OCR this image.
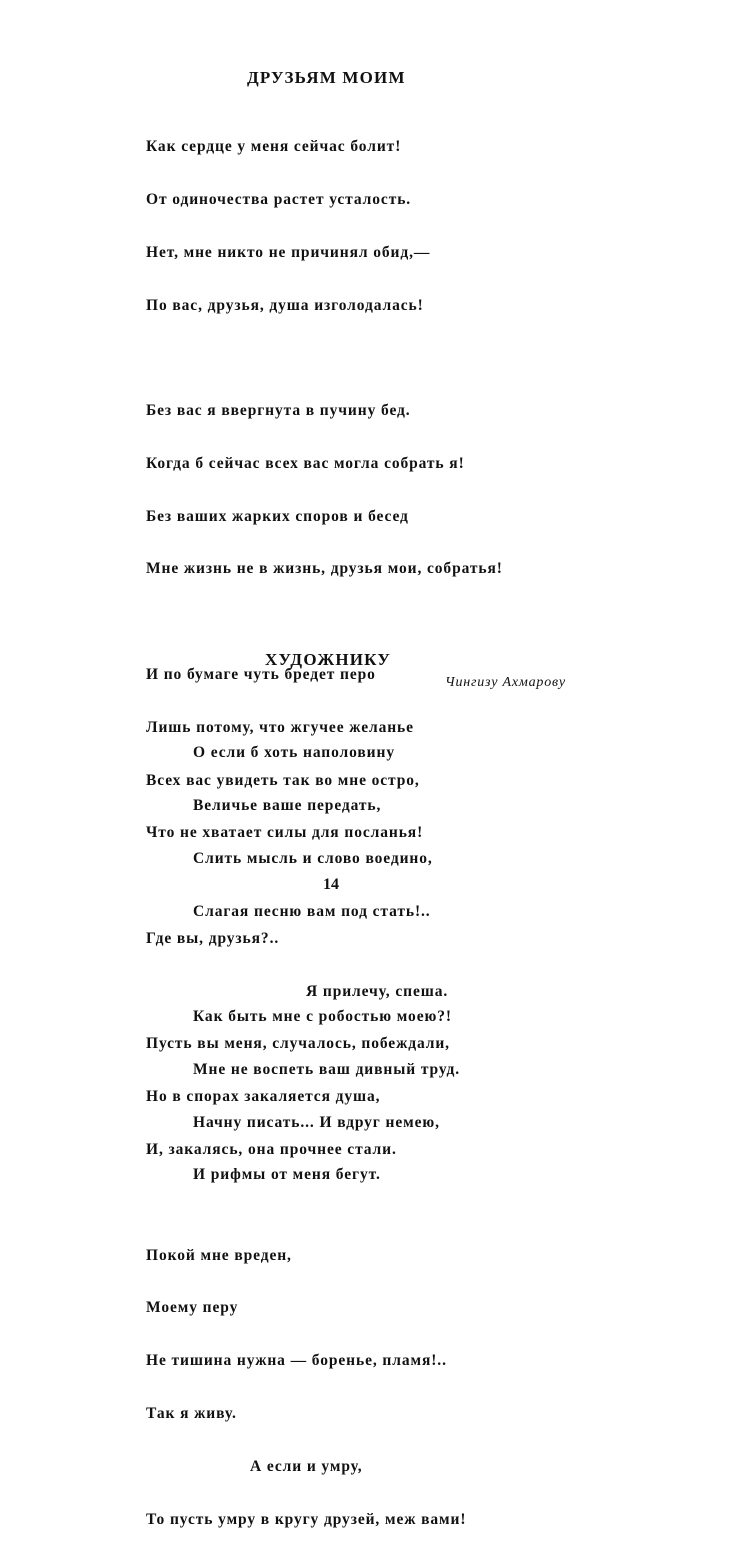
ДРУЗЬЯМ МОИМ

Как сердце у меня сейчас болит!

От одиночества растет усталость.

Нет, мне никто не причинял обид,—

По вас, друзья, душа изголодалась!

Без вас я ввергнута в пучину бед.

Когда б сейчас всех вас могла собрать я!

Без ваших жарких споров и бесед

Мне жизнь не в жизнь, друзья мои, собратья!

И по бумаге чуть бредет перо

Лишь потому, что жгучее желанье

Всех вас увидеть так во мне остро,

Что не хватает силы для посланья!

Где вы, друзья?..

Я прилечу, спеша.

Пусть вы меня, случалось, побеждали,

Но в спорах закаляется душа,

И, закалясь, она прочнее стали.

Покой мне вреден,

Моему перу

Не тишина нужна — боренье, пламя!..

Так я живу.

А если и умру,

То пусть умру в кругу друзей, меж вами!

ХУДОЖНИКУ
Чингизу Ахмарову

О если б хоть наполовину

Величье ваше передать,

Слить мысль и слово воедино,

Слагая песню вам под стать!..

Как быть мне с робостью моею?!

Мне не воспеть ваш дивный труд.

Начну писать... И вдруг немею,

И рифмы от меня бегут.

14
